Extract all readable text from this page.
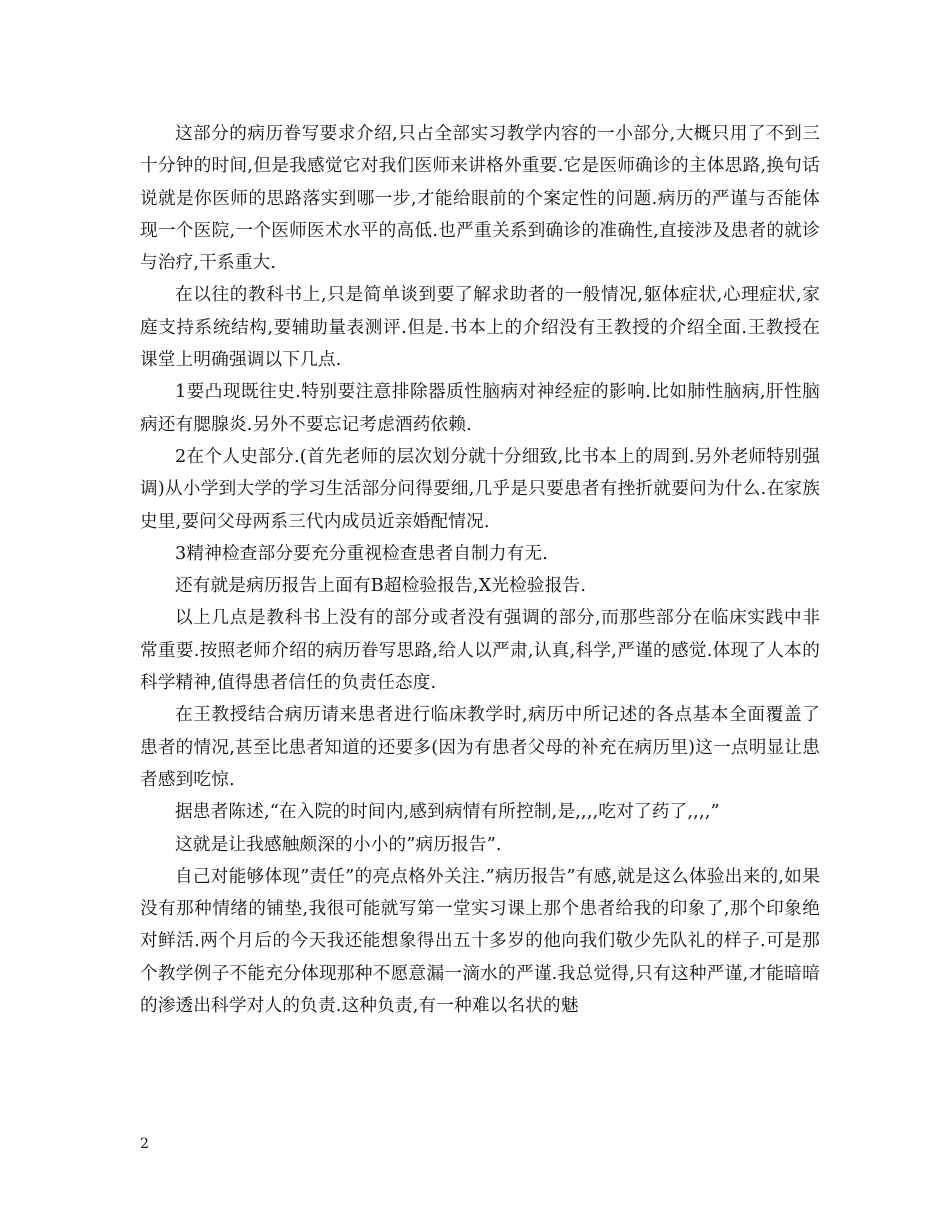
这部分的病历眷写要求介绍,只占全部实习教学内容的一小部分,大概只用了不到三十分钟的时间,但是我感觉它对我们医师来讲格外重要.它是医师确诊的主体思路,换句话说就是你医师的思路落实到哪一步,才能给眼前的个案定性的问题.病历的严谨与否能体现一个医院,一个医师医术水平的高低.也严重关系到确诊的准确性,直接涉及患者的就诊与治疗,干系重大.

在以往的教科书上,只是简单谈到要了解求助者的一般情况,躯体症状,心理症状,家庭支持系统结构,要辅助量表测评.但是.书本上的介绍没有王教授的介绍全面.王教授在课堂上明确强调以下几点.

1要凸现既往史.特别要注意排除器质性脑病对神经症的影响.比如肺性脑病,肝性脑病还有腮腺炎.另外不要忘记考虑酒药依赖.

2在个人史部分.(首先老师的层次划分就十分细致,比书本上的周到.另外老师特别强调)从小学到大学的学习生活部分问得要细,几乎是只要患者有挫折就要问为什么.在家族史里,要问父母两系三代内成员近亲婚配情况.

3精神检查部分要充分重视检查患者自制力有无.

还有就是病历报告上面有B超检验报告,X光检验报告.

以上几点是教科书上没有的部分或者没有强调的部分,而那些部分在临床实践中非常重要.按照老师介绍的病历眷写思路,给人以严肃,认真,科学,严谨的感觉.体现了人本的科学精神,值得患者信任的负责任态度.

在王教授结合病历请来患者进行临床教学时,病历中所记述的各点基本全面覆盖了患者的情况,甚至比患者知道的还要多(因为有患者父母的补充在病历里)这一点明显让患者感到吃惊.

据患者陈述,“在入院的时间内,感到病情有所控制,是,,,,吃对了药了,,,,”

这就是让我感触颇深的小小的”病历报告”.

自己对能够体现”责任”的亮点格外关注.”病历报告”有感,就是这么体验出来的,如果没有那种情绪的铺垫,我很可能就写第一堂实习课上那个患者给我的印象了,那个印象绝对鲜活.两个月后的今天我还能想象得出五十多岁的他向我们敬少先队礼的样子.可是那个教学例子不能充分体现那种不愿意漏一滴水的严谨.我总觉得,只有这种严谨,才能暗暗的渗透出科学对人的负责.这种负责,有一种难以名状的魅

2
